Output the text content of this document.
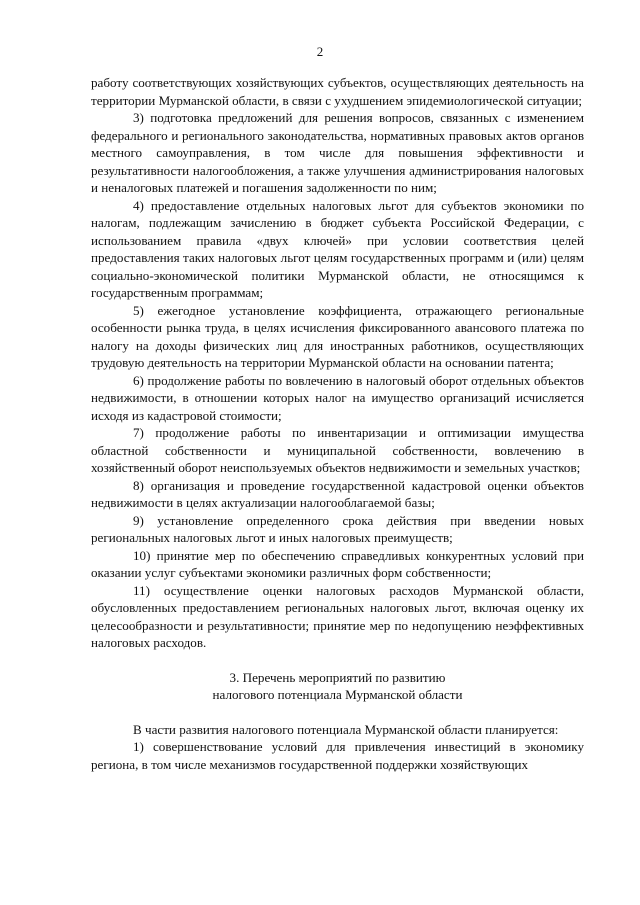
2

работу соответствующих хозяйствующих субъектов, осуществляющих деятельность на территории Мурманской области, в связи с ухудшением эпидемиологической ситуации;

3) подготовка предложений для решения вопросов, связанных с изменением федерального и регионального законодательства, нормативных правовых актов органов местного самоуправления, в том числе для повышения эффективности и результативности налогообложения, а также улучшения администрирования налоговых и неналоговых платежей и погашения задолженности по ним;

4) предоставление отдельных налоговых льгот для субъектов экономики по налогам, подлежащим зачислению в бюджет субъекта Российской Федерации, с использованием правила «двух ключей» при условии соответствия целей предоставления таких налоговых льгот целям государственных программ и (или) целям социально-экономической политики Мурманской области, не относящимся к государственным программам;

5) ежегодное установление коэффициента, отражающего региональные особенности рынка труда, в целях исчисления фиксированного авансового платежа по налогу на доходы физических лиц для иностранных работников, осуществляющих трудовую деятельность на территории Мурманской области на основании патента;

6) продолжение работы по вовлечению в налоговый оборот отдельных объектов недвижимости, в отношении которых налог на имущество организаций исчисляется исходя из кадастровой стоимости;

7) продолжение работы по инвентаризации и оптимизации имущества областной собственности и муниципальной собственности, вовлечению в хозяйственный оборот неиспользуемых объектов недвижимости и земельных участков;

8) организация и проведение государственной кадастровой оценки объектов недвижимости в целях актуализации налогооблагаемой базы;

9) установление определенного срока действия при введении новых региональных налоговых льгот и иных налоговых преимуществ;

10) принятие мер по обеспечению справедливых конкурентных условий при оказании услуг субъектами экономики различных форм собственности;

11) осуществление оценки налоговых расходов Мурманской области, обусловленных предоставлением региональных налоговых льгот, включая оценку их целесообразности и результативности; принятие мер по недопущению неэффективных налоговых расходов.

3. Перечень мероприятий по развитию

налогового потенциала Мурманской области

В части развития налогового потенциала Мурманской области планируется:

1) совершенствование условий для привлечения инвестиций в экономику региона, в том числе механизмов государственной поддержки хозяйствующих
